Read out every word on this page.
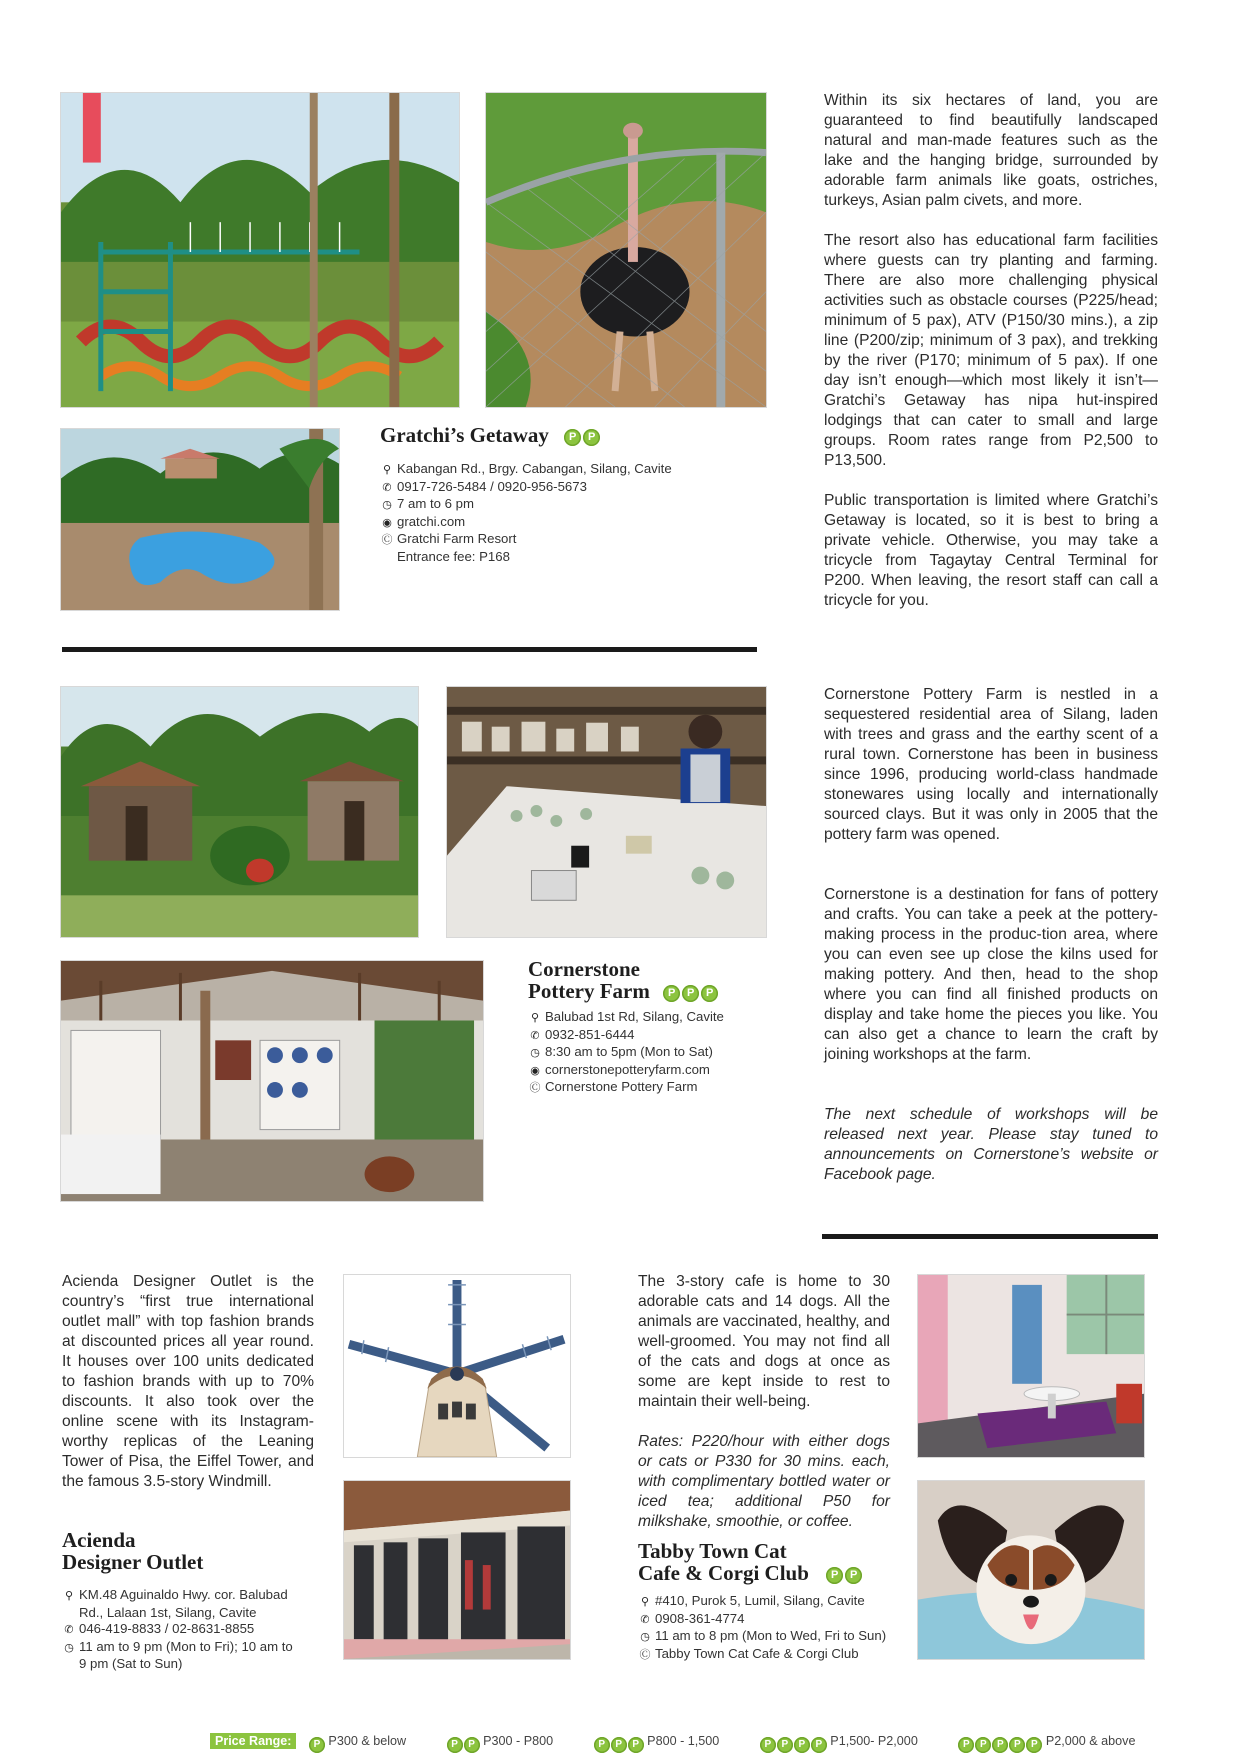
Gratchi’s Getaway P P
⚲ Kabangan Rd., Brgy. Cabangan, Silang, Cavite
✆ 0917-726-5484 / 0920-956-5673
◷ 7 am to 6 pm
◉ gratchi.com
Ⓒ Gratchi Farm Resort
Entrance fee: P168

Within its six hectares of land, you are guaranteed to find beautifully landscaped natural and man-made features such as the lake and the hanging bridge, surrounded by adorable farm animals like goats, ostriches, turkeys, Asian palm civets, and more.

The resort also has educational farm facilities where guests can try planting and farming. There are also more challenging physical activities such as obstacle courses (P225/head; minimum of 5 pax), ATV (P150/30 mins.), a zip line (P200/zip; minimum of 3 pax), and trekking by the river (P170; minimum of 5 pax). If one day isn’t enough—which most likely it isn’t—Gratchi’s Getaway has nipa hut-inspired lodgings that can cater to small and large groups. Room rates range from P2,500 to P13,500.

Public transportation is limited where Gratchi’s Getaway is located, so it is best to bring a private vehicle. Otherwise, you may take a tricycle from Tagaytay Central Terminal for P200. When leaving, the resort staff can call a tricycle for you.

Cornerstone
Pottery Farm P P P
⚲ Balubad 1st Rd, Silang, Cavite
✆ 0932-851-6444
◷ 8:30 am to 5pm (Mon to Sat)
◉ cornerstonepotteryfarm.com
Ⓒ Cornerstone Pottery Farm

Cornerstone Pottery Farm is nestled in a sequestered residential area of Silang, laden with trees and grass and the earthy scent of a rural town. Cornerstone has been in business since 1996, producing world-class handmade stonewares using locally and internationally sourced clays. But it was only in 2005 that the pottery farm was opened.

Cornerstone is a destination for fans of pottery and crafts. You can take a peek at the pottery-making process in the produc-tion area, where you can even see up close the kilns used for making pottery. And then, head to the shop where you can find all finished products on display and take home the pieces you like. You can also get a chance to learn the craft by joining workshops at the farm.

The next schedule of workshops will be released next year. Please stay tuned to announcements on Cornerstone’s website or Facebook page.

Acienda Designer Outlet is the country’s “first true international outlet mall” with top fashion brands at discounted prices all year round. It houses over 100 units dedicated to fashion brands with up to 70% discounts. It also took over the online scene with its Instagram-worthy replicas of the Leaning Tower of Pisa, the Eiffel Tower, and the famous 3.5-story Windmill.

Acienda
Designer Outlet
⚲ KM.48 Aguinaldo Hwy. cor. Balubad
Rd., Lalaan 1st, Silang, Cavite
✆ 046-419-8833 / 02-8631-8855
◷ 11 am to 9 pm (Mon to Fri); 10 am to
9 pm (Sat to Sun)

The 3-story cafe is home to 30 adorable cats and 14 dogs. All the animals are vaccinated, healthy, and well-groomed. You may not find all of the cats and dogs at once as some are kept inside to rest to maintain their well-being.

Rates: P220/hour with either dogs or cats or P330 for 30 mins. each, with complimentary bottled water or iced tea; additional P50 for milkshake, smoothie, or coffee.

Tabby Town Cat
Cafe & Corgi Club P P
⚲ #410, Purok 5, Lumil, Silang, Cavite
✆ 0908-361-4774
◷ 11 am to 8 pm (Mon to Wed, Fri to Sun)
Ⓒ Tabby Town Cat Cafe & Corgi Club
Price Range: P P300 & below	P P P300 - P800	P P P P800 - 1,500	P P P P P1,500- P2,000	P P P P P P2,000 & above
